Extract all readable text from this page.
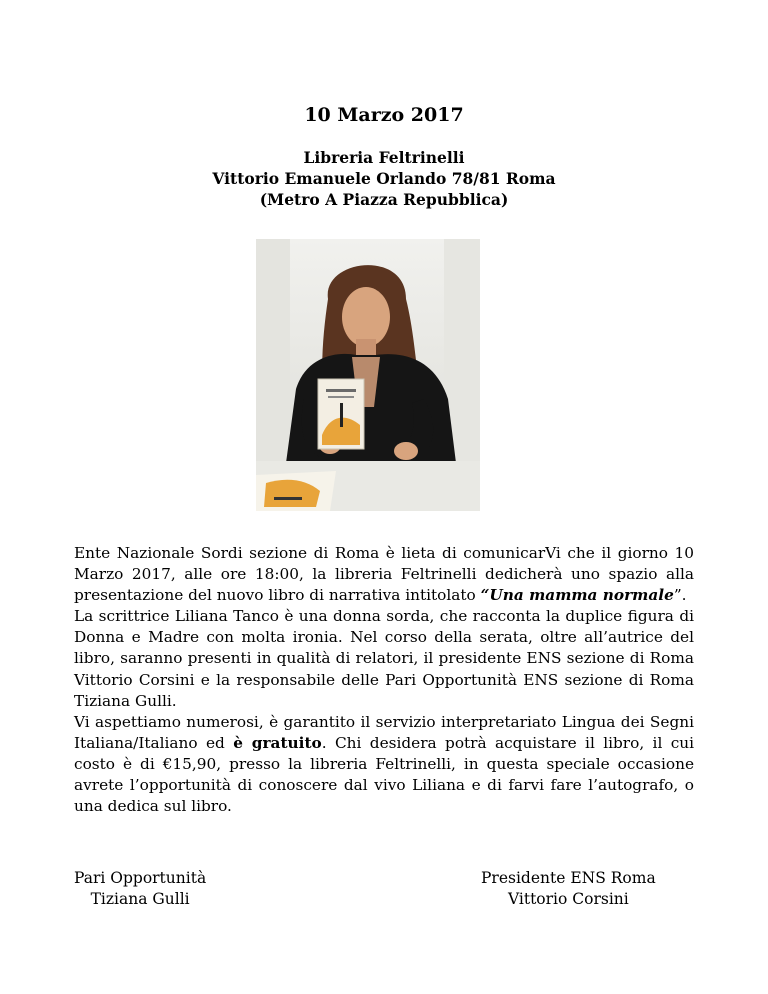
10 Marzo 2017
Libreria Feltrinelli
Vittorio Emanuele Orlando 78/81 Roma
(Metro A Piazza Repubblica)

Ente Nazionale Sordi sezione di Roma è lieta di comunicarVi che il giorno 10 Marzo 2017, alle ore 18:00, la libreria Feltrinelli dedicherà uno spazio alla presentazione del nuovo libro di narrativa intitolato “Una mamma normale”.

La scrittrice Liliana Tanco è una donna sorda, che racconta la duplice figura di Donna e Madre con molta ironia. Nel corso della serata, oltre all’autrice del libro, saranno presenti in qualità di relatori, il presidente ENS sezione di Roma Vittorio Corsini e la responsabile delle Pari Opportunità ENS sezione di Roma Tiziana Gulli.

Vi aspettiamo numerosi, è garantito il servizio interpretariato Lingua dei Segni Italiana/Italiano ed è gratuito. Chi desidera potrà acquistare il libro, il cui costo è di €15,90, presso la libreria Feltrinelli, in questa speciale occasione avrete l’opportunità di conoscere dal vivo Liliana e di farvi fare l’autografo, o una dedica sul libro.

Pari Opportunità
Tiziana Gulli
Presidente ENS Roma
Vittorio Corsini
